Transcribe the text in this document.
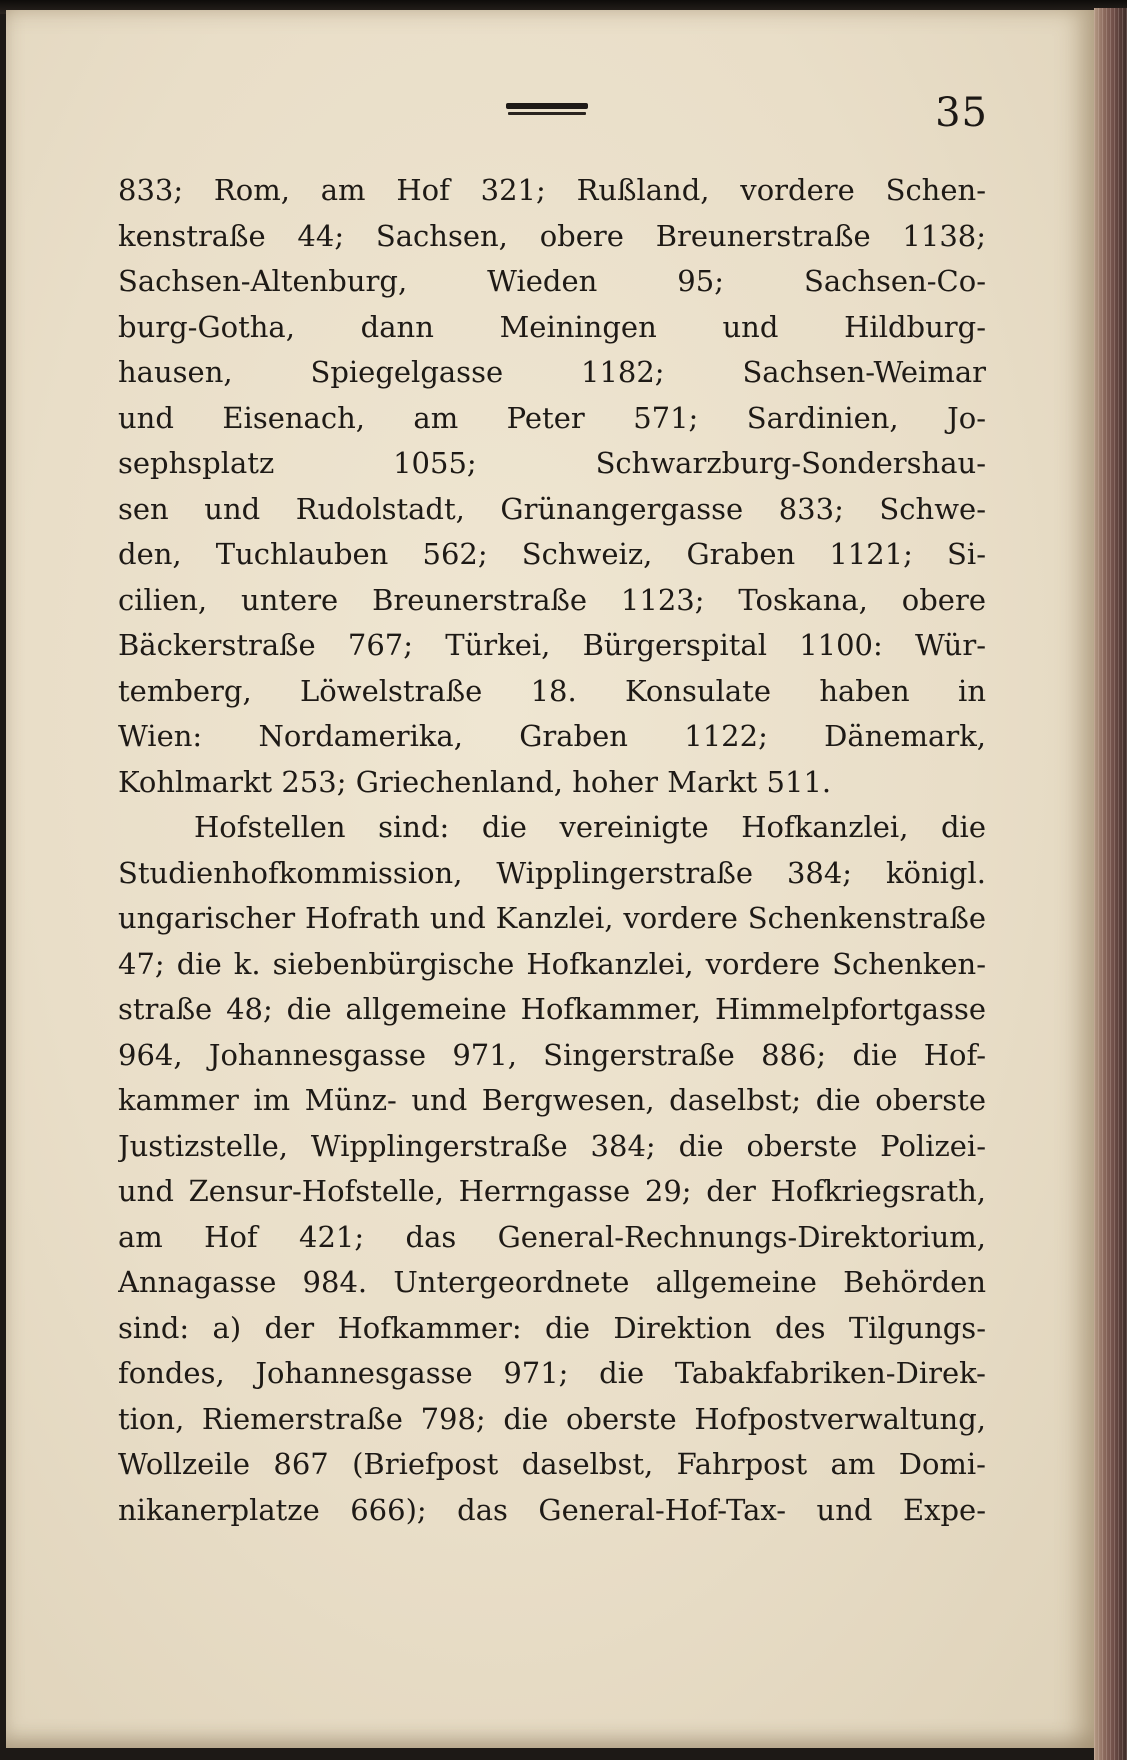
35
833; Rom, am Hof 321; Rußland, vordere Schen-
kenstraße 44; Sachsen, obere Breunerstraße 1138;
Sachsen-Altenburg, Wieden 95; Sachsen-Co-
burg-Gotha, dann Meiningen und Hildburg-
hausen, Spiegelgasse 1182; Sachsen-Weimar
und Eisenach, am Peter 571; Sardinien, Jo-
sephsplatz 1055; Schwarzburg-Sondershau-
sen und Rudolstadt, Grünangergasse 833; Schwe-
den, Tuchlauben 562; Schweiz, Graben 1121; Si-
cilien, untere Breunerstraße 1123; Toskana, obere
Bäckerstraße 767; Türkei, Bürgerspital 1100: Wür-
temberg, Löwelstraße 18. Konsulate haben in
Wien: Nordamerika, Graben 1122; Dänemark,
Kohlmarkt 253; Griechenland, hoher Markt 511.
Hofstellen sind: die vereinigte Hofkanzlei, die
Studienhofkommission, Wipplingerstraße 384; königl.
ungarischer Hofrath und Kanzlei, vordere Schenkenstraße
47; die k. siebenbürgische Hofkanzlei, vordere Schenken-
straße 48; die allgemeine Hofkammer, Himmelpfortgasse
964, Johannesgasse 971, Singerstraße 886; die Hof-
kammer im Münz- und Bergwesen, daselbst; die oberste
Justizstelle, Wipplingerstraße 384; die oberste Polizei-
und Zensur-Hofstelle, Herrngasse 29; der Hofkriegsrath,
am Hof 421; das General-Rechnungs-Direktorium,
Annagasse 984. Untergeordnete allgemeine Behörden
sind: a) der Hofkammer: die Direktion des Tilgungs-
fondes, Johannesgasse 971; die Tabakfabriken-Direk-
tion, Riemerstraße 798; die oberste Hofpostverwaltung,
Wollzeile 867 (Briefpost daselbst, Fahrpost am Domi-
nikanerplatze 666); das General-Hof-Tax- und Expe-
